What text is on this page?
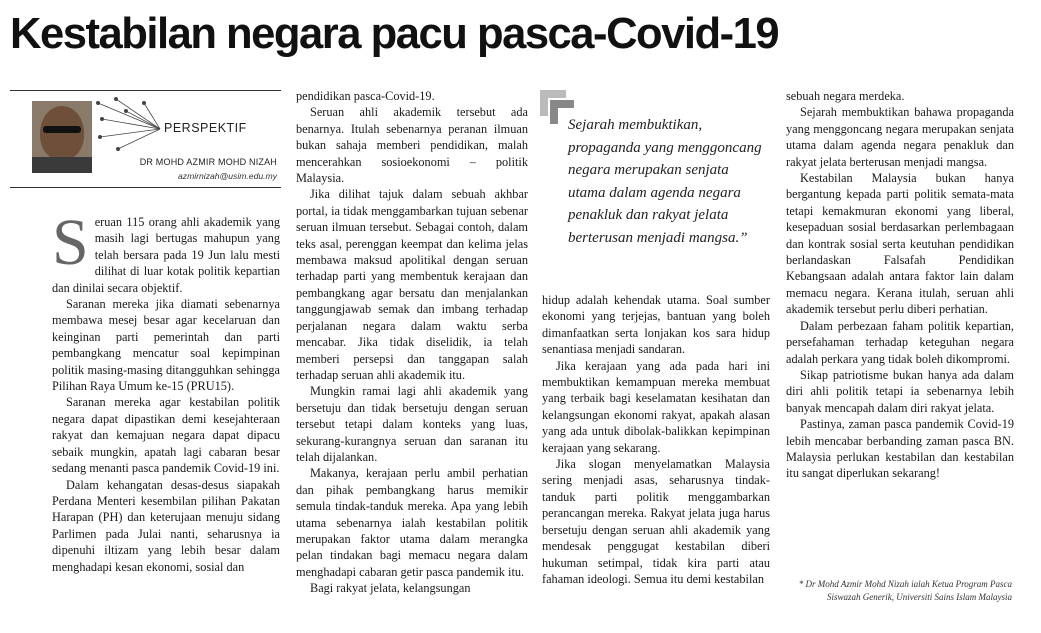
Kestabilan negara pacu pasca-Covid-19
PERSPEKTIF
DR MOHD AZMIR MOHD NIZAH
azmirnizah@usim.edu.my

Seruan 115 orang ahli akademik yang masih lagi bertugas mahupun yang telah bersara pada 19 Jun lalu mesti dilihat di luar kotak politik kepartian dan dinilai secara objektif.

Saranan mereka jika diamati sebenarnya membawa mesej besar agar kecelaruan dan keinginan parti pemerintah dan parti pembangkang mencatur soal kepimpinan politik masing-masing ditangguhkan sehingga Pilihan Raya Umum ke-15 (PRU15).

Saranan mereka agar kestabilan politik negara dapat dipastikan demi kesejahteraan rakyat dan kemajuan negara dapat dipacu sebaik mungkin, apatah lagi cabaran besar sedang menanti pasca pandemik Covid-19 ini.

Dalam kehangatan desas-desus siapakah Perdana Menteri kesembilan pilihan Pakatan Harapan (PH) dan keterujaan menuju sidang Parlimen pada Julai nanti, seharusnya ia dipenuhi iltizam yang lebih besar dalam menghadapi kesan ekonomi, sosial dan

pendidikan pasca-Covid-19.

Seruan ahli akademik tersebut ada benarnya. Itulah sebenarnya peranan ilmuan bukan sahaja memberi pendidikan, malah mencerahkan sosioekonomi – politik Malaysia.

Jika dilihat tajuk dalam sebuah akhbar portal, ia tidak menggambarkan tujuan sebenar seruan ilmuan tersebut. Sebagai contoh, dalam teks asal, perenggan keempat dan kelima jelas membawa maksud apolitikal dengan seruan terhadap parti yang membentuk kerajaan dan pembangkang agar bersatu dan menjalankan tanggungjawab semak dan imbang terhadap perjalanan negara dalam waktu serba mencabar. Jika tidak diselidik, ia telah memberi persepsi dan tanggapan salah terhadap seruan ahli akademik itu.

Mungkin ramai lagi ahli akademik yang bersetuju dan tidak bersetuju dengan seruan tersebut tetapi dalam konteks yang luas, sekurang-kurangnya seruan dan saranan itu telah dijalankan.

Makanya, kerajaan perlu ambil perhatian dan pihak pembangkang harus memikir semula tindak-tanduk mereka. Apa yang lebih utama sebenarnya ialah kestabilan politik merupakan faktor utama dalam merangka pelan tindakan bagi memacu negara dalam menghadapi cabaran getir pasca pandemik itu.

Bagi rakyat jelata, kelangsungan

Sejarah membuktikan, propaganda yang menggoncang negara merupakan senjata utama dalam agenda negara penakluk dan rakyat jelata berterusan menjadi mangsa.”

hidup adalah kehendak utama. Soal sumber ekonomi yang terjejas, bantuan yang boleh dimanfaatkan serta lonjakan kos sara hidup senantiasa menjadi sandaran.

Jika kerajaan yang ada pada hari ini membuktikan kemampuan mereka membuat yang terbaik bagi keselamatan kesihatan dan kelangsungan ekonomi rakyat, apakah alasan yang ada untuk dibolak-balikkan kepimpinan kerajaan yang sekarang.

Jika slogan menyelamatkan Malaysia sering menjadi asas, seharusnya tindak-tanduk parti politik menggambarkan perancangan mereka. Rakyat jelata juga harus bersetuju dengan seruan ahli akademik yang mendesak penggugat kestabilan diberi hukuman setimpal, tidak kira parti atau fahaman ideologi. Semua itu demi kestabilan

sebuah negara merdeka.

Sejarah membuktikan bahawa propaganda yang menggoncang negara merupakan senjata utama dalam agenda negara penakluk dan rakyat jelata berterusan menjadi mangsa.

Kestabilan Malaysia bukan hanya bergantung kepada parti politik semata-mata tetapi kemakmuran ekonomi yang liberal, kesepaduan sosial berdasarkan perlembagaan dan kontrak sosial serta keutuhan pendidikan berlandaskan Falsafah Pendidikan Kebangsaan adalah antara faktor lain dalam memacu negara. Kerana itulah, seruan ahli akademik tersebut perlu diberi perhatian.

Dalam perbezaan faham politik kepartian, persefahaman terhadap keteguhan negara adalah perkara yang tidak boleh dikompromi.

Sikap patriotisme bukan hanya ada dalam diri ahli politik tetapi ia sebenarnya lebih banyak mencapah dalam diri rakyat jelata.

Pastinya, zaman pasca pandemik Covid-19 lebih mencabar berbanding zaman pasca BN. Malaysia perlukan kestabilan dan kestabilan itu sangat diperlukan sekarang!

* Dr Mohd Azmir Mohd Nizah ialah Ketua Program Pasca Siswazah Generik, Universiti Sains Islam Malaysia
